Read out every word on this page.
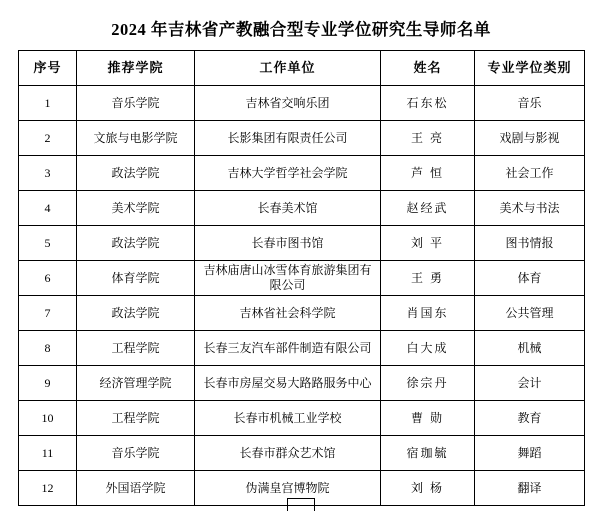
2024 年吉林省产教融合型专业学位研究生导师名单
序号	推荐学院	工作单位	姓名	专业学位类别
1	音乐学院	吉林省交响乐团	石东松	音乐
2	文旅与电影学院	长影集团有限责任公司	王 亮	戏剧与影视
3	政法学院	吉林大学哲学社会学院	芦 恒	社会工作
4	美术学院	长春美术馆	赵经武	美术与书法
5	政法学院	长春市图书馆	刘 平	图书情报
6	体育学院	吉林庙唐山冰雪体育旅游集团有限公司	王 勇	体育
7	政法学院	吉林省社会科学院	肖国东	公共管理
8	工程学院	长春三友汽车部件制造有限公司	白大成	机械
9	经济管理学院	长春市房屋交易大路路服务中心	徐宗丹	会计
10	工程学院	长春市机械工业学校	曹 勋	教育
11	音乐学院	长春市群众艺术馆	宿珈毓	舞蹈
12	外国语学院	伪满皇宫博物院	刘 杨	翻译
